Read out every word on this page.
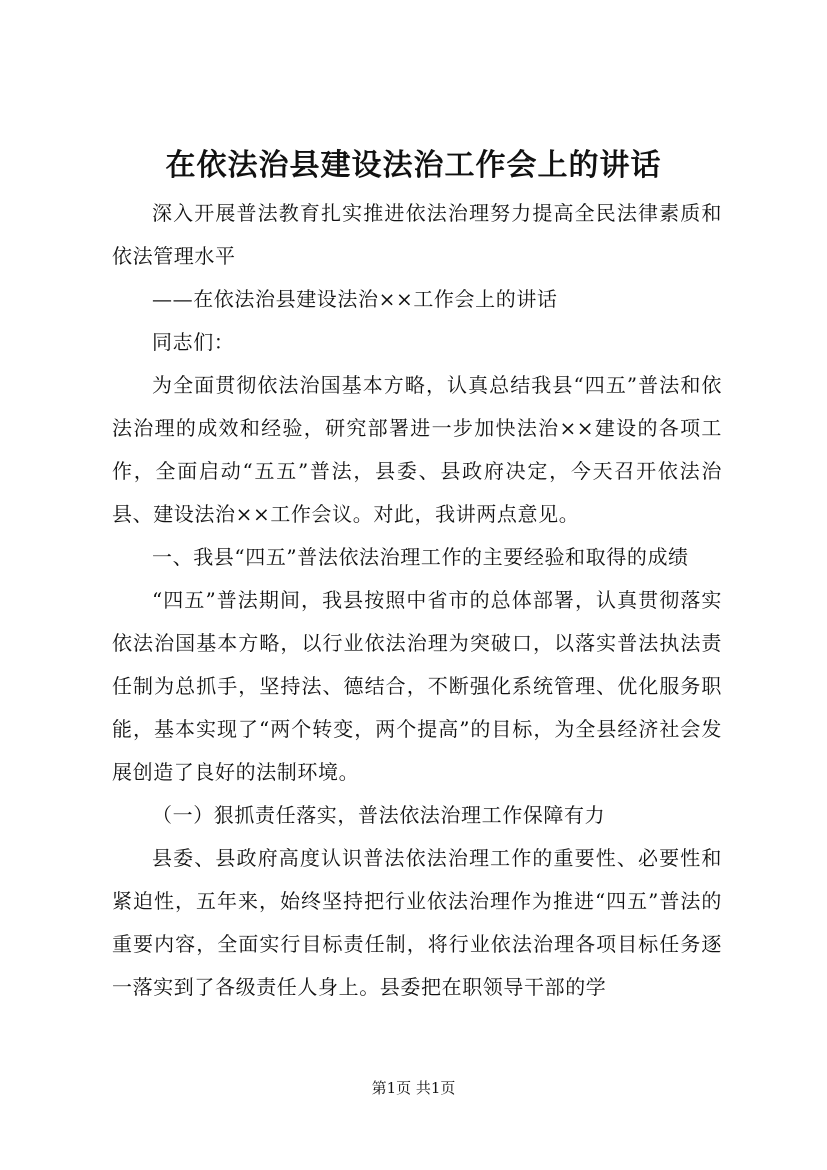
在依法治县建设法治工作会上的讲话

深入开展普法教育扎实推进依法治理努力提高全民法律素质和依法管理水平

——在依法治县建设法治××工作会上的讲话

同志们：

为全面贯彻依法治国基本方略，认真总结我县“四五”普法和依法治理的成效和经验，研究部署进一步加快法治××建设的各项工作，全面启动“五五”普法，县委、县政府决定，今天召开依法治县、建设法治××工作会议。对此，我讲两点意见。

一、我县“四五”普法依法治理工作的主要经验和取得的成绩

“四五”普法期间，我县按照中省市的总体部署，认真贯彻落实依法治国基本方略，以行业依法治理为突破口，以落实普法执法责任制为总抓手，坚持法、德结合，不断强化系统管理、优化服务职能，基本实现了“两个转变，两个提高”的目标，为全县经济社会发展创造了良好的法制环境。

（一）狠抓责任落实，普法依法治理工作保障有力

县委、县政府高度认识普法依法治理工作的重要性、必要性和紧迫性，五年来，始终坚持把行业依法治理作为推进“四五”普法的重要内容，全面实行目标责任制，将行业依法治理各项目标任务逐一落实到了各级责任人身上。县委把在职领导干部的学

第1页 共1页
